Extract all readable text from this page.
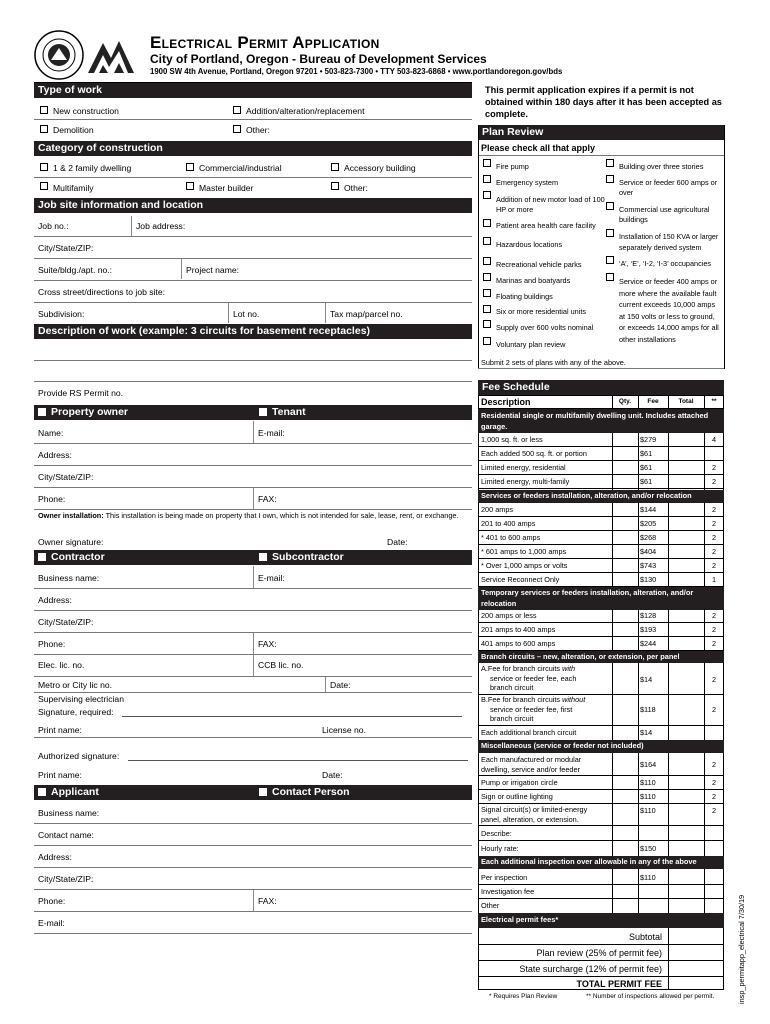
Electrical Permit Application
City of Portland, Oregon - Bureau of Development Services
1900 SW 4th Avenue, Portland, Oregon 97201 • 503-823-7300 • TTY 503-823-6868 • www.portlandoregon.gov/bds
This permit application expires if a permit is not obtained within 180 days after it has been accepted as complete.
Type of work
New construction	Addition/alteration/replacement
Demolition	Other:
Category of construction
1 & 2 family dwelling	Commercial/industrial	Accessory building
Multifamily	Master builder	Other:
Job site information and location
Job no.:	Job address:
City/State/ZIP:
Suite/bldg./apt. no.:	Project name:
Cross street/directions to job site:
Subdivision:	Lot no.	Tax map/parcel no.
Description of work (example: 3 circuits for basement receptacles)
Provide RS Permit no.
Property owner	Tenant
Name:	E-mail:
Address:
City/State/ZIP:
Phone:	FAX:
Owner installation: This installation is being made on property that I own, which is not intended for sale, lease, rent, or exchange.
Owner signature:	Date:
Contractor	Subcontractor
Business name:	E-mail:
Address:
City/State/ZIP:
Phone:	FAX:
Elec. lic. no.	CCB lic. no.
Metro or City lic no.	Date:
Supervising electrician
Signature, required:
Print name:	License no.
Authorized signature:
Print name:	Date:
Applicant	Contact Person
Business name:
Contact name:
Address:
City/State/ZIP:
Phone:	FAX:
E-mail:
Plan Review
Please check all that apply
Fire pump
Emergency system
Addition of new motor load of 100 HP or more
Patient area health care facility
Hazardous locations
Recreational vehicle parks
Marinas and boatyards
Floating buildings
Six or more residential units
Supply over 600 volts nominal
Voluntary plan review
Building over three stories
Service or feeder 600 amps or over
Commercial use agricultural buildings
Installation of 150 KVA or larger separately derived system
‘A’, ‘E’, ‘I-2, ‘I-3’ occupancies
Service or feeder 400 amps or more where the available fault current exceeds 10,000 amps at 150 volts or less to ground, or exceeds 14,000 amps for all other installations
Submit 2 sets of plans with any of the above.
Fee Schedule
Description	Qty.	Fee	Total	**
Residential single or multifamily dwelling unit. Includes attached garage.
1,000 sq. ft. or less	$279	4
Each added 500 sq. ft. or portion	$61
Limited energy, residential	$61	2
Limited energy, multi-family	$61	2
Services or feeders installation, alteration, and/or relocation
200 amps	$144	2
201 to 400 amps	$205	2
* 401 to 600 amps	$268	2
* 601 amps to 1,000 amps	$404	2
* Over 1,000 amps or volts	$743	2
Service Reconnect Only	$130	1
Temporary services or feeders installation, alteration, and/or relocation
200 amps or less	$128	2
201 amps to 400 amps	$193	2
401 amps to 600 amps	$244	2
Branch circuits – new, alteration, or extension, per panel
A.Fee for branch circuits with
service or feeder fee, each
branch circuit
$14	2
B.Fee for branch circuits without
service or feeder fee, first
branch circuit
$118	2
Each additional branch circuit	$14
Miscellaneous (service or feeder not included)
Each manufactured or modular
dwelling, service and/or feeder	$164	2
Pump or irrigation circle	$110	2
Sign or outline lighting	$110	2
Signal circuit(s) or limited-energy
panel, alteration, or extension.
$110	2
Describe:
Hourly rate:	$150
Each additional inspection over allowable in any of the above
Per inspection	$110
Investigation fee
Other
Electrical permit fees*
Subtotal
Plan review (25% of permit fee)
State surcharge (12% of permit fee)
TOTAL PERMIT FEE
* Requires Plan Review	** Number of inspections allowed per permit.	insp_permitapp_electrical 7/30/19
